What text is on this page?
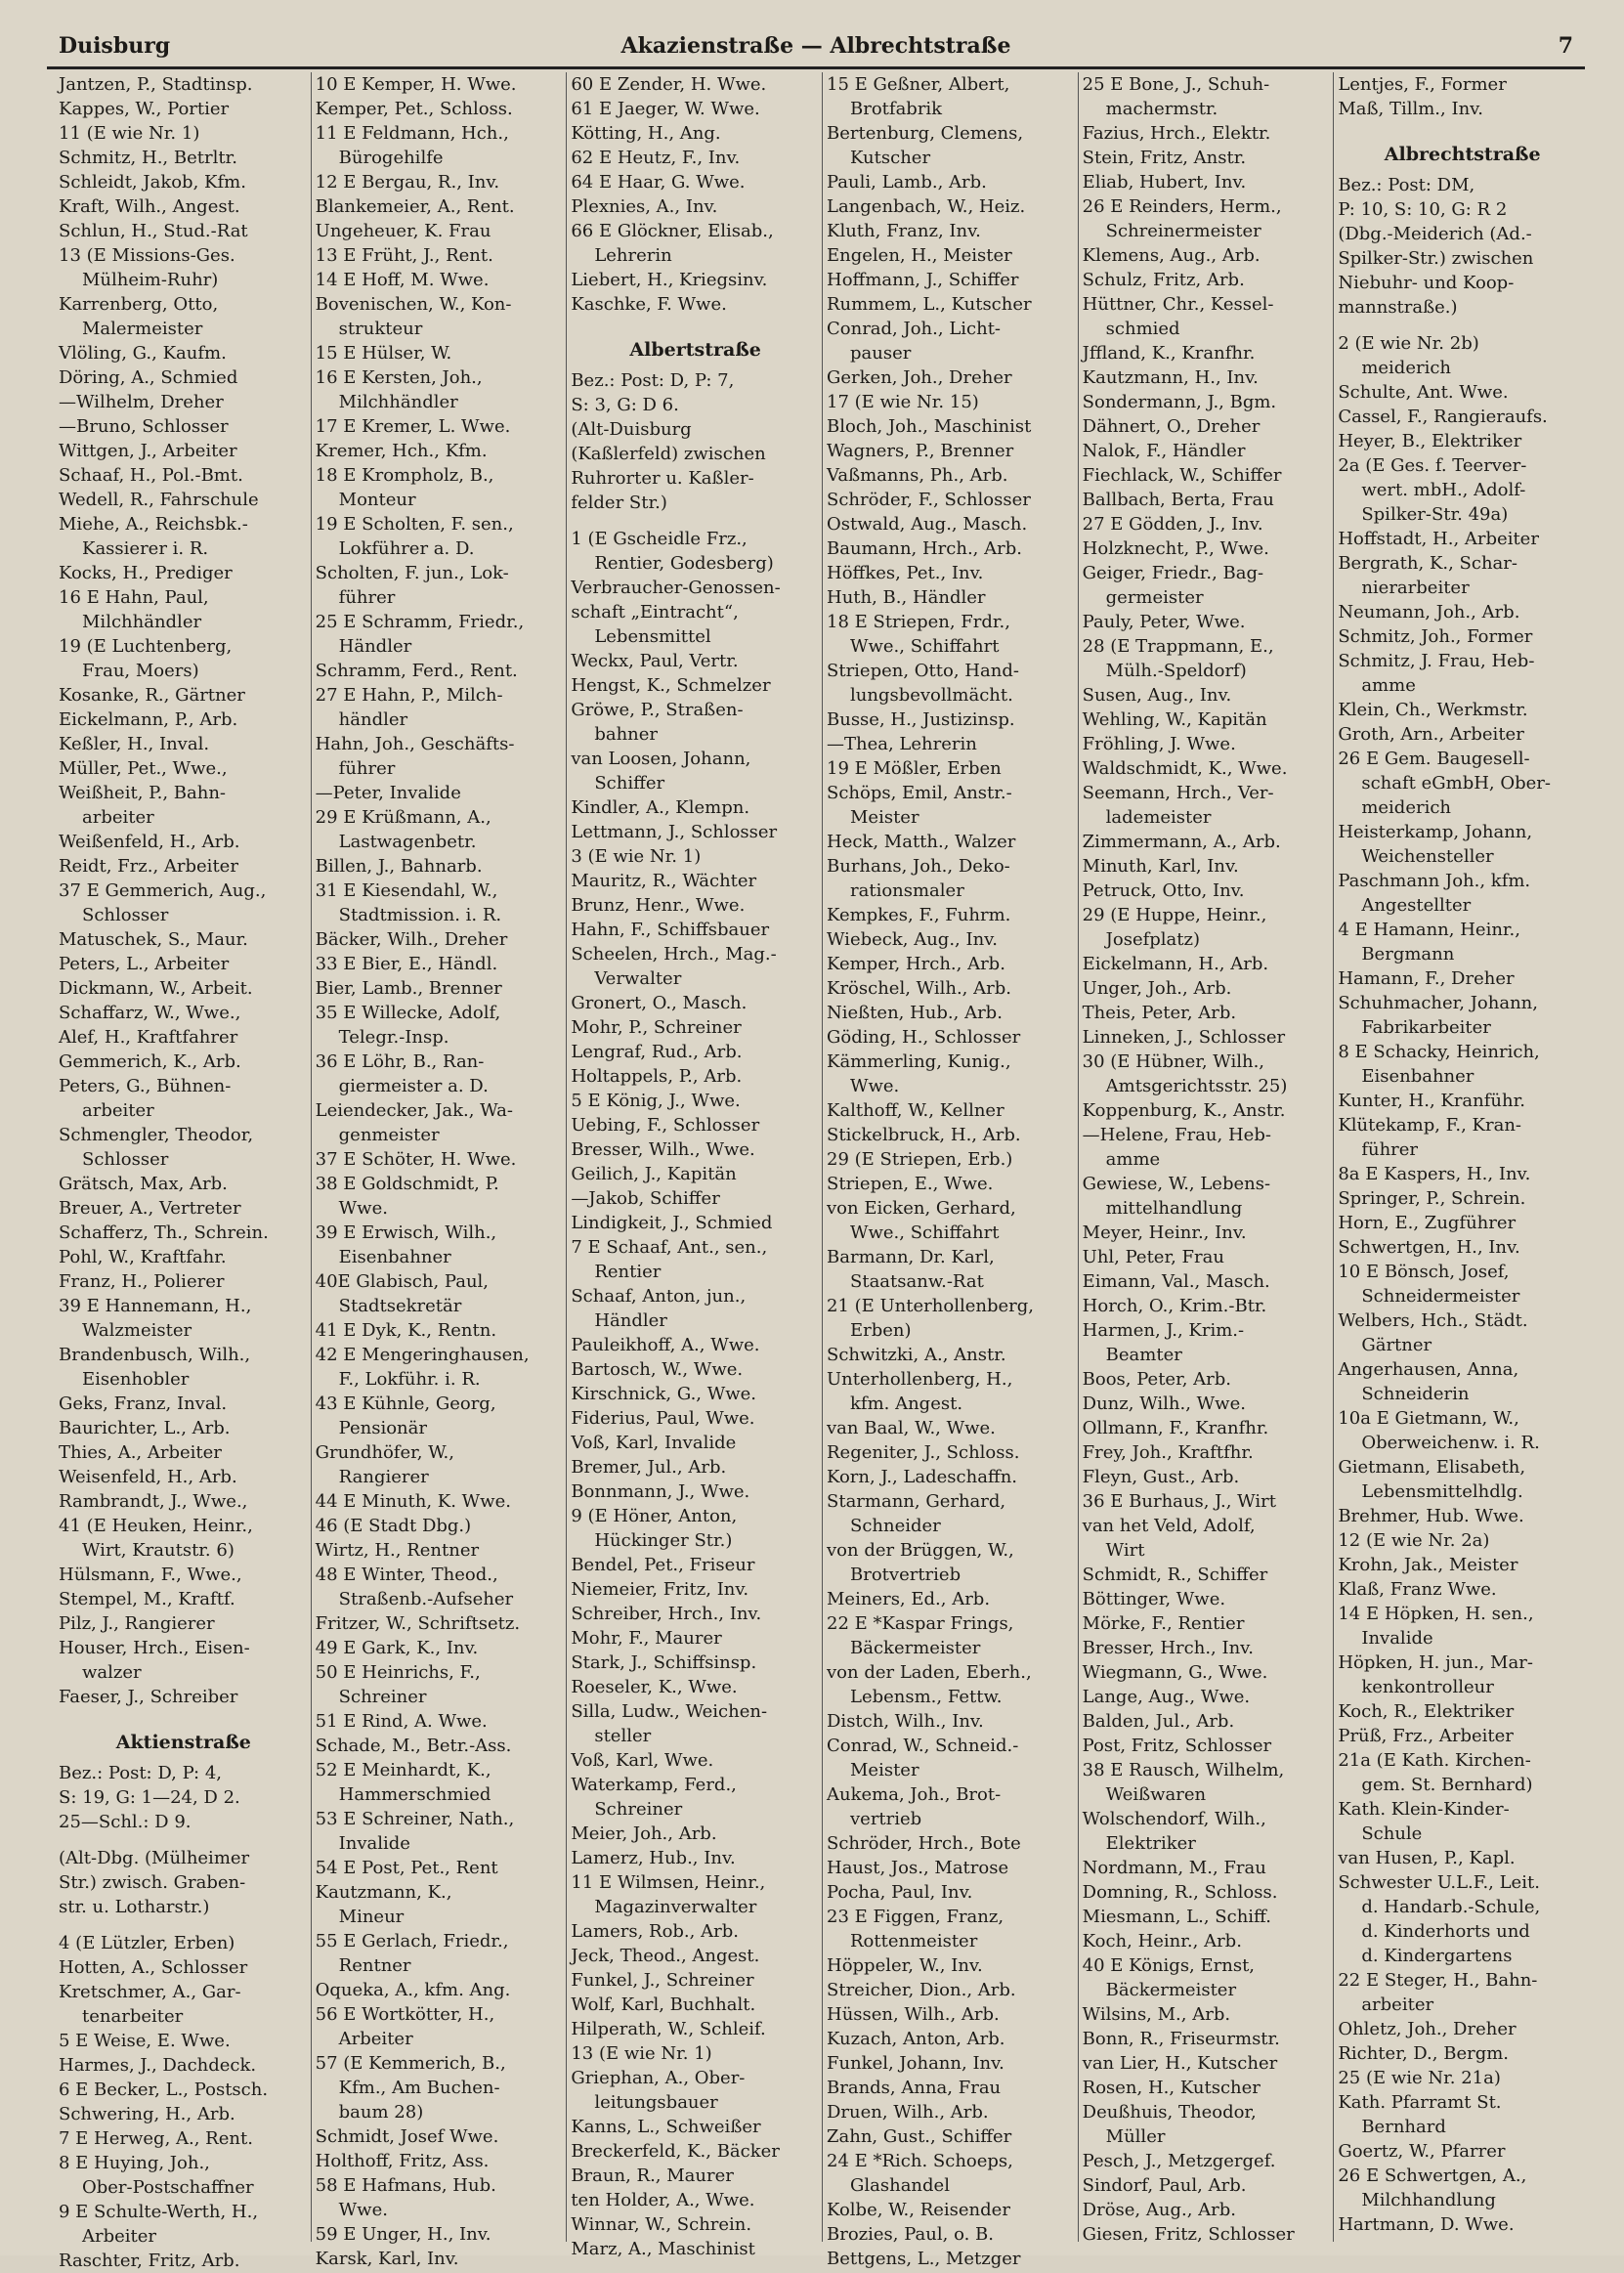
Duisburg	Akazienstraße — Albrechtstraße	7
Jantzen, P., Stadtinsp.
Kappes, W., Portier
11 (E wie Nr. 1)
Schmitz, H., Betrltr.
Schleidt, Jakob, Kfm.
Kraft, Wilh., Angest.
Schlun, H., Stud.-Rat
13 (E Missions-Ges.
Mülheim-Ruhr)
Karrenberg, Otto,
Malermeister
Vlöling, G., Kaufm.
Döring, A., Schmied
—Wilhelm, Dreher
—Bruno, Schlosser
Wittgen, J., Arbeiter
Schaaf, H., Pol.-Bmt.
Wedell, R., Fahrschule
Miehe, A., Reichsbk.-
Kassierer i. R.
Kocks, H., Prediger
16 E Hahn, Paul,
Milchhändler
19 (E Luchtenberg,
Frau, Moers)
Kosanke, R., Gärtner
Eickelmann, P., Arb.
Keßler, H., Inval.
Müller, Pet., Wwe.,
Weißheit, P., Bahn-
arbeiter
Weißenfeld, H., Arb.
Reidt, Frz., Arbeiter
37 E Gemmerich, Aug.,
Schlosser
Matuschek, S., Maur.
Peters, L., Arbeiter
Dickmann, W., Arbeit.
Schaffarz, W., Wwe.,
Alef, H., Kraftfahrer
Gemmerich, K., Arb.
Peters, G., Bühnen-
arbeiter
Schmengler, Theodor,
Schlosser
Grätsch, Max, Arb.
Breuer, A., Vertreter
Schafferz, Th., Schrein.
Pohl, W., Kraftfahr.
Franz, H., Polierer
39 E Hannemann, H.,
Walzmeister
Brandenbusch, Wilh.,
Eisenhobler
Geks, Franz, Inval.
Baurichter, L., Arb.
Thies, A., Arbeiter
Weisenfeld, H., Arb.
Rambrandt, J., Wwe.,
41 (E Heuken, Heinr.,
Wirt, Krautstr. 6)
Hülsmann, F., Wwe.,
Stempel, M., Kraftf.
Pilz, J., Rangierer
Houser, Hrch., Eisen-
walzer
Faeser, J., Schreiber
Aktienstraße
Bez.: Post: D, P: 4,
S: 19, G: 1—24, D 2.
25—Schl.: D 9.
(Alt-Dbg. (Mülheimer
Str.) zwisch. Graben-
str. u. Lotharstr.)
4 (E Lützler, Erben)
Hotten, A., Schlosser
Kretschmer, A., Gar-
tenarbeiter
5 E Weise, E. Wwe.
Harmes, J., Dachdeck.
6 E Becker, L., Postsch.
Schwering, H., Arb.
7 E Herweg, A., Rent.
8 E Huying, Joh.,
Ober-Postschaffner
9 E Schulte-Werth, H.,
Arbeiter
Raschter, Fritz, Arb.
10 E Kemper, H. Wwe.
Kemper, Pet., Schloss.
11 E Feldmann, Hch.,
Bürogehilfe
12 E Bergau, R., Inv.
Blankemeier, A., Rent.
Ungeheuer, K. Frau
13 E Früht, J., Rent.
14 E Hoff, M. Wwe.
Bovenischen, W., Kon-
strukteur
15 E Hülser, W.
16 E Kersten, Joh.,
Milchhändler
17 E Kremer, L. Wwe.
Kremer, Hch., Kfm.
18 E Krompholz, B.,
Monteur
19 E Scholten, F. sen.,
Lokführer a. D.
Scholten, F. jun., Lok-
führer
25 E Schramm, Friedr.,
Händler
Schramm, Ferd., Rent.
27 E Hahn, P., Milch-
händler
Hahn, Joh., Geschäfts-
führer
—Peter, Invalide
29 E Krüßmann, A.,
Lastwagenbetr.
Billen, J., Bahnarb.
31 E Kiesendahl, W.,
Stadtmission. i. R.
Bäcker, Wilh., Dreher
33 E Bier, E., Händl.
Bier, Lamb., Brenner
35 E Willecke, Adolf,
Telegr.-Insp.
36 E Löhr, B., Ran-
giermeister a. D.
Leiendecker, Jak., Wa-
genmeister
37 E Schöter, H. Wwe.
38 E Goldschmidt, P.
Wwe.
39 E Erwisch, Wilh.,
Eisenbahner
40E Glabisch, Paul,
Stadtsekretär
41 E Dyk, K., Rentn.
42 E Mengeringhausen,
F., Lokführ. i. R.
43 E Kühnle, Georg,
Pensionär
Grundhöfer, W.,
Rangierer
44 E Minuth, K. Wwe.
46 (E Stadt Dbg.)
Wirtz, H., Rentner
48 E Winter, Theod.,
Straßenb.-Aufseher
Fritzer, W., Schriftsetz.
49 E Gark, K., Inv.
50 E Heinrichs, F.,
Schreiner
51 E Rind, A. Wwe.
Schade, M., Betr.-Ass.
52 E Meinhardt, K.,
Hammerschmied
53 E Schreiner, Nath.,
Invalide
54 E Post, Pet., Rent
Kautzmann, K.,
Mineur
55 E Gerlach, Friedr.,
Rentner
Oqueka, A., kfm. Ang.
56 E Wortkötter, H.,
Arbeiter
57 (E Kemmerich, B.,
Kfm., Am Buchen-
baum 28)
Schmidt, Josef Wwe.
Holthoff, Fritz, Ass.
58 E Hafmans, Hub.
Wwe.
59 E Unger, H., Inv.
Karsk, Karl, Inv.
60 E Zender, H. Wwe.
61 E Jaeger, W. Wwe.
Kötting, H., Ang.
62 E Heutz, F., Inv.
64 E Haar, G. Wwe.
Plexnies, A., Inv.
66 E Glöckner, Elisab.,
Lehrerin
Liebert, H., Kriegsinv.
Kaschke, F. Wwe.
Albertstraße
Bez.: Post: D, P: 7,
S: 3, G: D 6.
(Alt-Duisburg
(Kaßlerfeld) zwischen
Ruhrorter u. Kaßler-
felder Str.)
1 (E Gscheidle Frz.,
Rentier, Godesberg)
Verbraucher-Genossen-
schaft „Eintracht“,
Lebensmittel
Weckx, Paul, Vertr.
Hengst, K., Schmelzer
Gröwe, P., Straßen-
bahner
van Loosen, Johann,
Schiffer
Kindler, A., Klempn.
Lettmann, J., Schlosser
3 (E wie Nr. 1)
Mauritz, R., Wächter
Brunz, Henr., Wwe.
Hahn, F., Schiffsbauer
Scheelen, Hrch., Mag.-
Verwalter
Gronert, O., Masch.
Mohr, P., Schreiner
Lengraf, Rud., Arb.
Holtappels, P., Arb.
5 E König, J., Wwe.
Uebing, F., Schlosser
Bresser, Wilh., Wwe.
Geilich, J., Kapitän
—Jakob, Schiffer
Lindigkeit, J., Schmied
7 E Schaaf, Ant., sen.,
Rentier
Schaaf, Anton, jun.,
Händler
Pauleikhoff, A., Wwe.
Bartosch, W., Wwe.
Kirschnick, G., Wwe.
Fiderius, Paul, Wwe.
Voß, Karl, Invalide
Bremer, Jul., Arb.
Bonnmann, J., Wwe.
9 (E Höner, Anton,
Hückinger Str.)
Bendel, Pet., Friseur
Niemeier, Fritz, Inv.
Schreiber, Hrch., Inv.
Mohr, F., Maurer
Stark, J., Schiffsinsp.
Roeseler, K., Wwe.
Silla, Ludw., Weichen-
steller
Voß, Karl, Wwe.
Waterkamp, Ferd.,
Schreiner
Meier, Joh., Arb.
Lamerz, Hub., Inv.
11 E Wilmsen, Heinr.,
Magazinverwalter
Lamers, Rob., Arb.
Jeck, Theod., Angest.
Funkel, J., Schreiner
Wolf, Karl, Buchhalt.
Hilperath, W., Schleif.
13 (E wie Nr. 1)
Griephan, A., Ober-
leitungsbauer
Kanns, L., Schweißer
Breckerfeld, K., Bäcker
Braun, R., Maurer
ten Holder, A., Wwe.
Winnar, W., Schrein.
Marz, A., Maschinist
15 E Geßner, Albert,
Brotfabrik
Bertenburg, Clemens,
Kutscher
Pauli, Lamb., Arb.
Langenbach, W., Heiz.
Kluth, Franz, Inv.
Engelen, H., Meister
Hoffmann, J., Schiffer
Rummem, L., Kutscher
Conrad, Joh., Licht-
pauser
Gerken, Joh., Dreher
17 (E wie Nr. 15)
Bloch, Joh., Maschinist
Wagners, P., Brenner
Vaßmanns, Ph., Arb.
Schröder, F., Schlosser
Ostwald, Aug., Masch.
Baumann, Hrch., Arb.
Höffkes, Pet., Inv.
Huth, B., Händler
18 E Striepen, Frdr.,
Wwe., Schiffahrt
Striepen, Otto, Hand-
lungsbevollmächt.
Busse, H., Justizinsp.
—Thea, Lehrerin
19 E Mößler, Erben
Schöps, Emil, Anstr.-
Meister
Heck, Matth., Walzer
Burhans, Joh., Deko-
rationsmaler
Kempkes, F., Fuhrm.
Wiebeck, Aug., Inv.
Kemper, Hrch., Arb.
Kröschel, Wilh., Arb.
Nießten, Hub., Arb.
Göding, H., Schlosser
Kämmerling, Kunig.,
Wwe.
Kalthoff, W., Kellner
Stickelbruck, H., Arb.
29 (E Striepen, Erb.)
Striepen, E., Wwe.
von Eicken, Gerhard,
Wwe., Schiffahrt
Barmann, Dr. Karl,
Staatsanw.-Rat
21 (E Unterhollenberg,
Erben)
Schwitzki, A., Anstr.
Unterhollenberg, H.,
kfm. Angest.
van Baal, W., Wwe.
Regeniter, J., Schloss.
Korn, J., Ladeschaffn.
Starmann, Gerhard,
Schneider
von der Brüggen, W.,
Brotvertrieb
Meiners, Ed., Arb.
22 E *Kaspar Frings,
Bäckermeister
von der Laden, Eberh.,
Lebensm., Fettw.
Distch, Wilh., Inv.
Conrad, W., Schneid.-
Meister
Aukema, Joh., Brot-
vertrieb
Schröder, Hrch., Bote
Haust, Jos., Matrose
Pocha, Paul, Inv.
23 E Figgen, Franz,
Rottenmeister
Höppeler, W., Inv.
Streicher, Dion., Arb.
Hüssen, Wilh., Arb.
Kuzach, Anton, Arb.
Funkel, Johann, Inv.
Brands, Anna, Frau
Druen, Wilh., Arb.
Zahn, Gust., Schiffer
24 E *Rich. Schoeps,
Glashandel
Kolbe, W., Reisender
Brozies, Paul, o. B.
Bettgens, L., Metzger
25 E Bone, J., Schuh-
machermstr.
Fazius, Hrch., Elektr.
Stein, Fritz, Anstr.
Eliab, Hubert, Inv.
26 E Reinders, Herm.,
Schreinermeister
Klemens, Aug., Arb.
Schulz, Fritz, Arb.
Hüttner, Chr., Kessel-
schmied
Jffland, K., Kranfhr.
Kautzmann, H., Inv.
Sondermann, J., Bgm.
Dähnert, O., Dreher
Nalok, F., Händler
Fiechlack, W., Schiffer
Ballbach, Berta, Frau
27 E Gödden, J., Inv.
Holzknecht, P., Wwe.
Geiger, Friedr., Bag-
germeister
Pauly, Peter, Wwe.
28 (E Trappmann, E.,
Mülh.-Speldorf)
Susen, Aug., Inv.
Wehling, W., Kapitän
Fröhling, J. Wwe.
Waldschmidt, K., Wwe.
Seemann, Hrch., Ver-
lademeister
Zimmermann, A., Arb.
Minuth, Karl, Inv.
Petruck, Otto, Inv.
29 (E Huppe, Heinr.,
Josefplatz)
Eickelmann, H., Arb.
Unger, Joh., Arb.
Theis, Peter, Arb.
Linneken, J., Schlosser
30 (E Hübner, Wilh.,
Amtsgerichtsstr. 25)
Koppenburg, K., Anstr.
—Helene, Frau, Heb-
amme
Gewiese, W., Lebens-
mittelhandlung
Meyer, Heinr., Inv.
Uhl, Peter, Frau
Eimann, Val., Masch.
Horch, O., Krim.-Btr.
Harmen, J., Krim.-
Beamter
Boos, Peter, Arb.
Dunz, Wilh., Wwe.
Ollmann, F., Kranfhr.
Frey, Joh., Kraftfhr.
Fleyn, Gust., Arb.
36 E Burhaus, J., Wirt
van het Veld, Adolf,
Wirt
Schmidt, R., Schiffer
Böttinger, Wwe.
Mörke, F., Rentier
Bresser, Hrch., Inv.
Wiegmann, G., Wwe.
Lange, Aug., Wwe.
Balden, Jul., Arb.
Post, Fritz, Schlosser
38 E Rausch, Wilhelm,
Weißwaren
Wolschendorf, Wilh.,
Elektriker
Nordmann, M., Frau
Domning, R., Schloss.
Miesmann, L., Schiff.
Koch, Heinr., Arb.
40 E Königs, Ernst,
Bäckermeister
Wilsins, M., Arb.
Bonn, R., Friseurmstr.
van Lier, H., Kutscher
Rosen, H., Kutscher
Deußhuis, Theodor,
Müller
Pesch, J., Metzgergef.
Sindorf, Paul, Arb.
Dröse, Aug., Arb.
Giesen, Fritz, Schlosser
Lentjes, F., Former
Maß, Tillm., Inv.
Albrechtstraße
Bez.: Post: DM,
P: 10, S: 10, G: R 2
(Dbg.-Meiderich (Ad.-
Spilker-Str.) zwischen
Niebuhr- und Koop-
mannstraße.)
2 (E wie Nr. 2b)
meiderich
Schulte, Ant. Wwe.
Cassel, F., Rangieraufs.
Heyer, B., Elektriker
2a (E Ges. f. Teerver-
wert. mbH., Adolf-
Spilker-Str. 49a)
Hoffstadt, H., Arbeiter
Bergrath, K., Schar-
nierarbeiter
Neumann, Joh., Arb.
Schmitz, Joh., Former
Schmitz, J. Frau, Heb-
amme
Klein, Ch., Werkmstr.
Groth, Arn., Arbeiter
26 E Gem. Baugesell-
schaft eGmbH, Ober-
meiderich
Heisterkamp, Johann,
Weichensteller
Paschmann Joh., kfm.
Angestellter
4 E Hamann, Heinr.,
Bergmann
Hamann, F., Dreher
Schuhmacher, Johann,
Fabrikarbeiter
8 E Schacky, Heinrich,
Eisenbahner
Kunter, H., Kranführ.
Klütekamp, F., Kran-
führer
8a E Kaspers, H., Inv.
Springer, P., Schrein.
Horn, E., Zugführer
Schwertgen, H., Inv.
10 E Bönsch, Josef,
Schneidermeister
Welbers, Hch., Städt.
Gärtner
Angerhausen, Anna,
Schneiderin
10a E Gietmann, W.,
Oberweichenw. i. R.
Gietmann, Elisabeth,
Lebensmittelhdlg.
Brehmer, Hub. Wwe.
12 (E wie Nr. 2a)
Krohn, Jak., Meister
Klaß, Franz Wwe.
14 E Höpken, H. sen.,
Invalide
Höpken, H. jun., Mar-
kenkontrolleur
Koch, R., Elektriker
Prüß, Frz., Arbeiter
21a (E Kath. Kirchen-
gem. St. Bernhard)
Kath. Klein-Kinder-
Schule
van Husen, P., Kapl.
Schwester U.L.F., Leit.
d. Handarb.-Schule,
d. Kinderhorts und
d. Kindergartens
22 E Steger, H., Bahn-
arbeiter
Ohletz, Joh., Dreher
Richter, D., Bergm.
25 (E wie Nr. 21a)
Kath. Pfarramt St.
Bernhard
Goertz, W., Pfarrer
26 E Schwertgen, A.,
Milchhandlung
Hartmann, D. Wwe.
